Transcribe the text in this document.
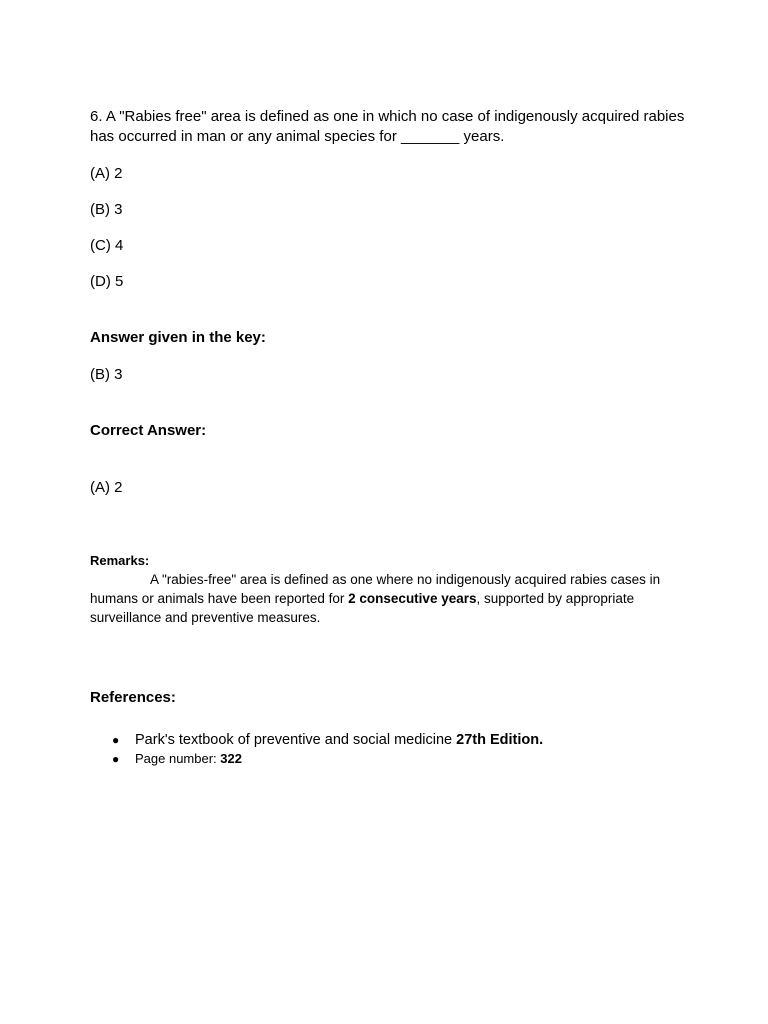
6. A "Rabies free" area is defined as one in which no case of indigenously acquired rabies has occurred in man or any animal species for _______ years.

(A) 2

(B) 3

(C) 4

(D) 5

Answer given in the key:

(B) 3

Correct Answer:

(A) 2

Remarks:

A "rabies-free" area is defined as one where no indigenously acquired rabies cases in humans or animals have been reported for 2 consecutive years, supported by appropriate surveillance and preventive measures.

References:

● Park's textbook of preventive and social medicine 27th Edition.

● Page number: 322
